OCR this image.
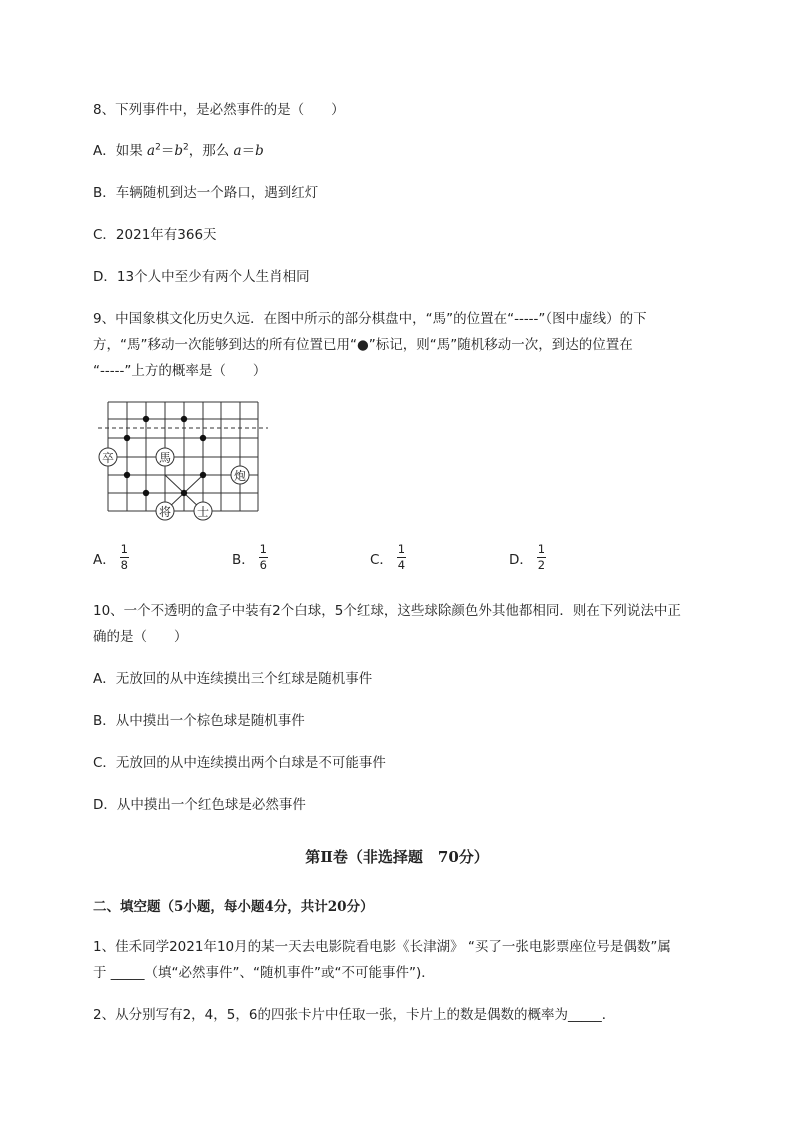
8、下列事件中，是必然事件的是（　　）
A．如果 $a^2=b^2$，那么 a＝b
B．车辆随机到达一个路口，遇到红灯
C．2021年有366天
D．13个人中至少有两个人生肖相同
9、中国象棋文化历史久远．在图中所示的部分棋盘中，“馬”的位置在“-----”（图中虚线）的下
方，“馬”移动一次能够到达的所有位置已用“●”标记，则“馬”随机移动一次，到达的位置在
“-----”上方的概率是（　　）
卒	馬
炮
将 士
A． $\frac{1}{8}$	B． $\frac{1}{6}$	C． $\frac{1}{4}$	D． $\frac{1}{2}$
10、一个不透明的盒子中装有2个白球，5个红球，这些球除颜色外其他都相同．则在下列说法中正
确的是（　　）
A．无放回的从中连续摸出三个红球是随机事件
B．从中摸出一个棕色球是随机事件
C．无放回的从中连续摸出两个白球是不可能事件
D．从中摸出一个红色球是必然事件
第Ⅱ卷（非选择题　70分）
二、填空题（5小题，每小题4分，共计20分）
1、佳禾同学2021年10月的某一天去电影院看电影《长津湖》 “买了一张电影票座位号是偶数”属
于 _____（填“必然事件”、“随机事件”或“不可能事件”)．
2、从分别写有2，4，5，6的四张卡片中任取一张，卡片上的数是偶数的概率为_____．
